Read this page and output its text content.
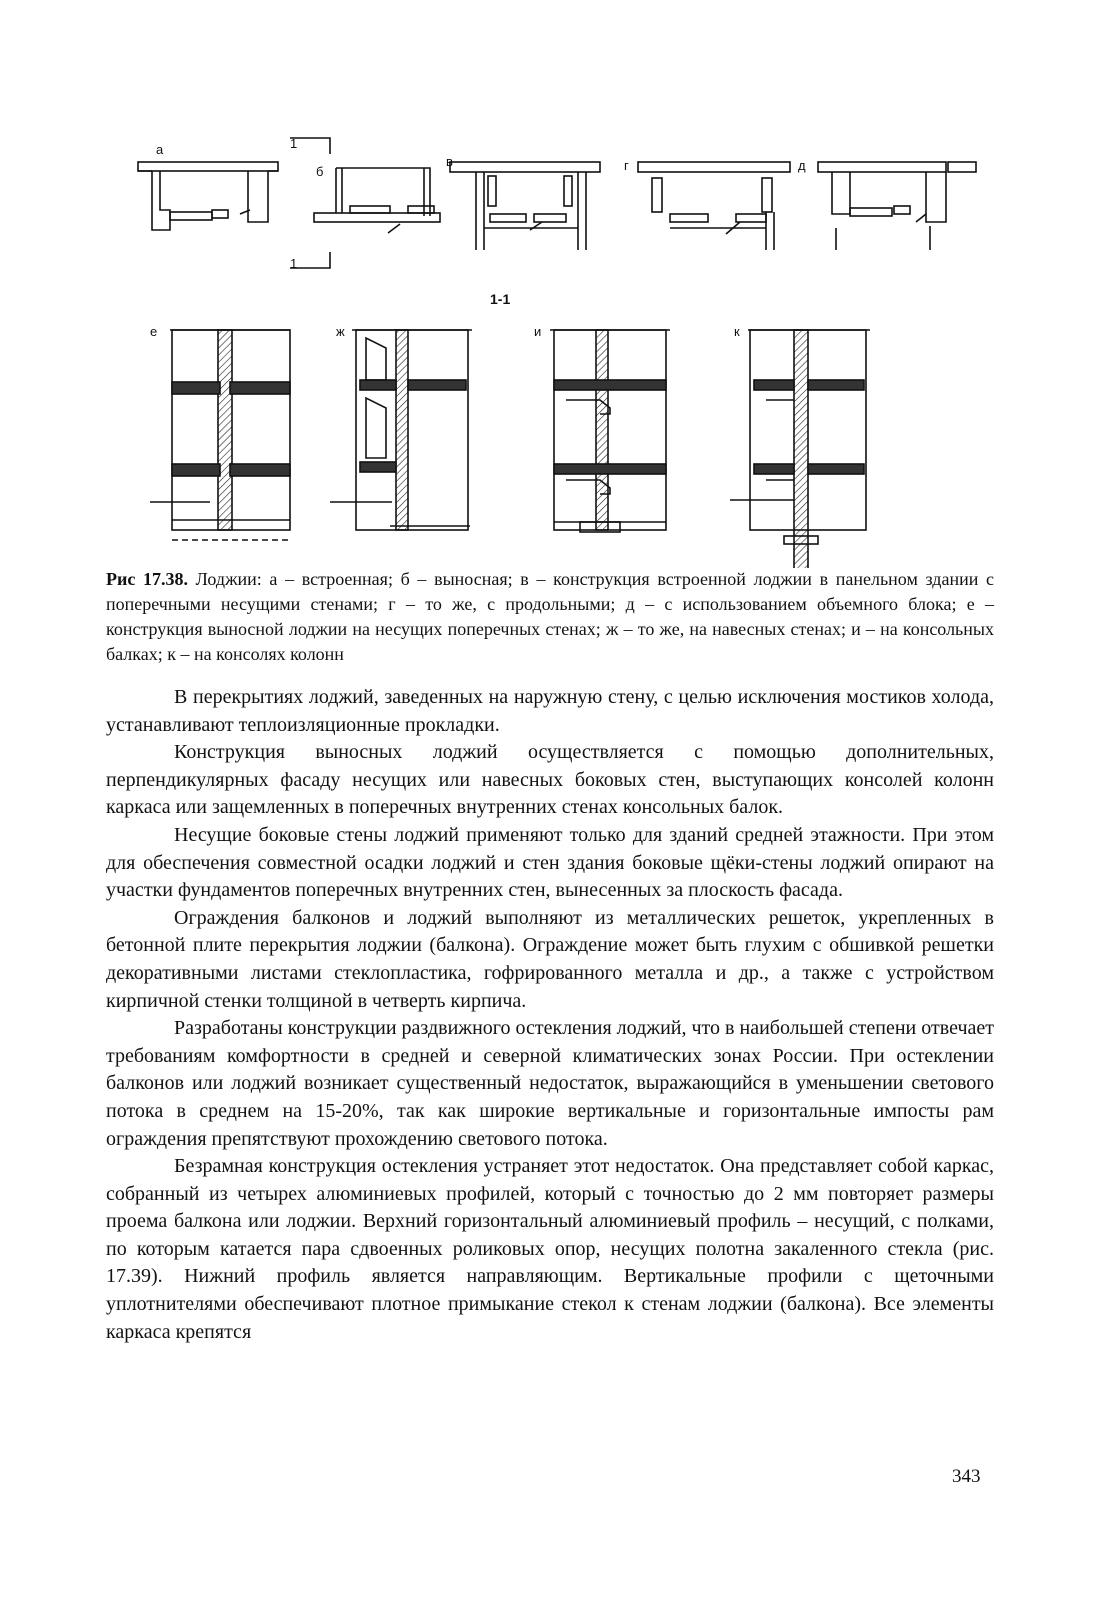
а
б
в	г	д
1
1
1-1
е	ж	и	к
Рис 17.38. Лоджии: а – встроенная; б – выносная; в – конструкция встроенной лоджии в панельном здании с поперечными несущими стенами; г – то же, с продольными; д – с использованием объемного блока; е – конструкция выносной лоджии на несущих поперечных стенах; ж – то же, на навесных стенах; и – на консольных балках; к – на консолях колонн

В перекрытиях лоджий, заведенных на наружную стену, с целью исключения мостиков холода, устанавливают теплоизляционные прокладки.

Конструкция выносных лоджий осуществляется с помощью дополнительных, перпендикулярных фасаду несущих или навесных боковых стен, выступающих консолей колонн каркаса или защемленных в поперечных внутренних стенах консольных балок.

Несущие боковые стены лоджий применяют только для зданий средней этажности. При этом для обеспечения совместной осадки лоджий и стен здания боковые щёки-стены лоджий опирают на участки фундаментов поперечных внутренних стен, вынесенных за плоскость фасада.

Ограждения балконов и лоджий выполняют из металлических решеток, укрепленных в бетонной плите перекрытия лоджии (балкона). Ограждение может быть глухим с обшивкой решетки декоративными листами стеклопластика, гофрированного металла и др., а также с устройством кирпичной стенки толщиной в четверть кирпича.

Разработаны конструкции раздвижного остекления лоджий, что в наибольшей степени отвечает требованиям комфортности в средней и северной климатических зонах России. При остеклении балконов или лоджий возникает существенный недостаток, выражающийся в уменьшении светового потока в среднем на 15-20%, так как широкие вертикальные и горизонтальные импосты рам ограждения препятствуют прохождению светового потока.

Безрамная конструкция остекления устраняет этот недостаток. Она представляет собой каркас, собранный из четырех алюминиевых профилей, который с точностью до 2 мм повторяет размеры проема балкона или лоджии. Верхний горизонтальный алюминиевый профиль – несущий, с полками, по которым катается пара сдвоенных роликовых опор, несущих полотна закаленного стекла (рис. 17.39). Нижний профиль является направляющим. Вертикальные профили с щеточными уплотнителями обеспечивают плотное примыкание стекол к стенам лоджии (балкона). Все элементы каркаса крепятся

343
